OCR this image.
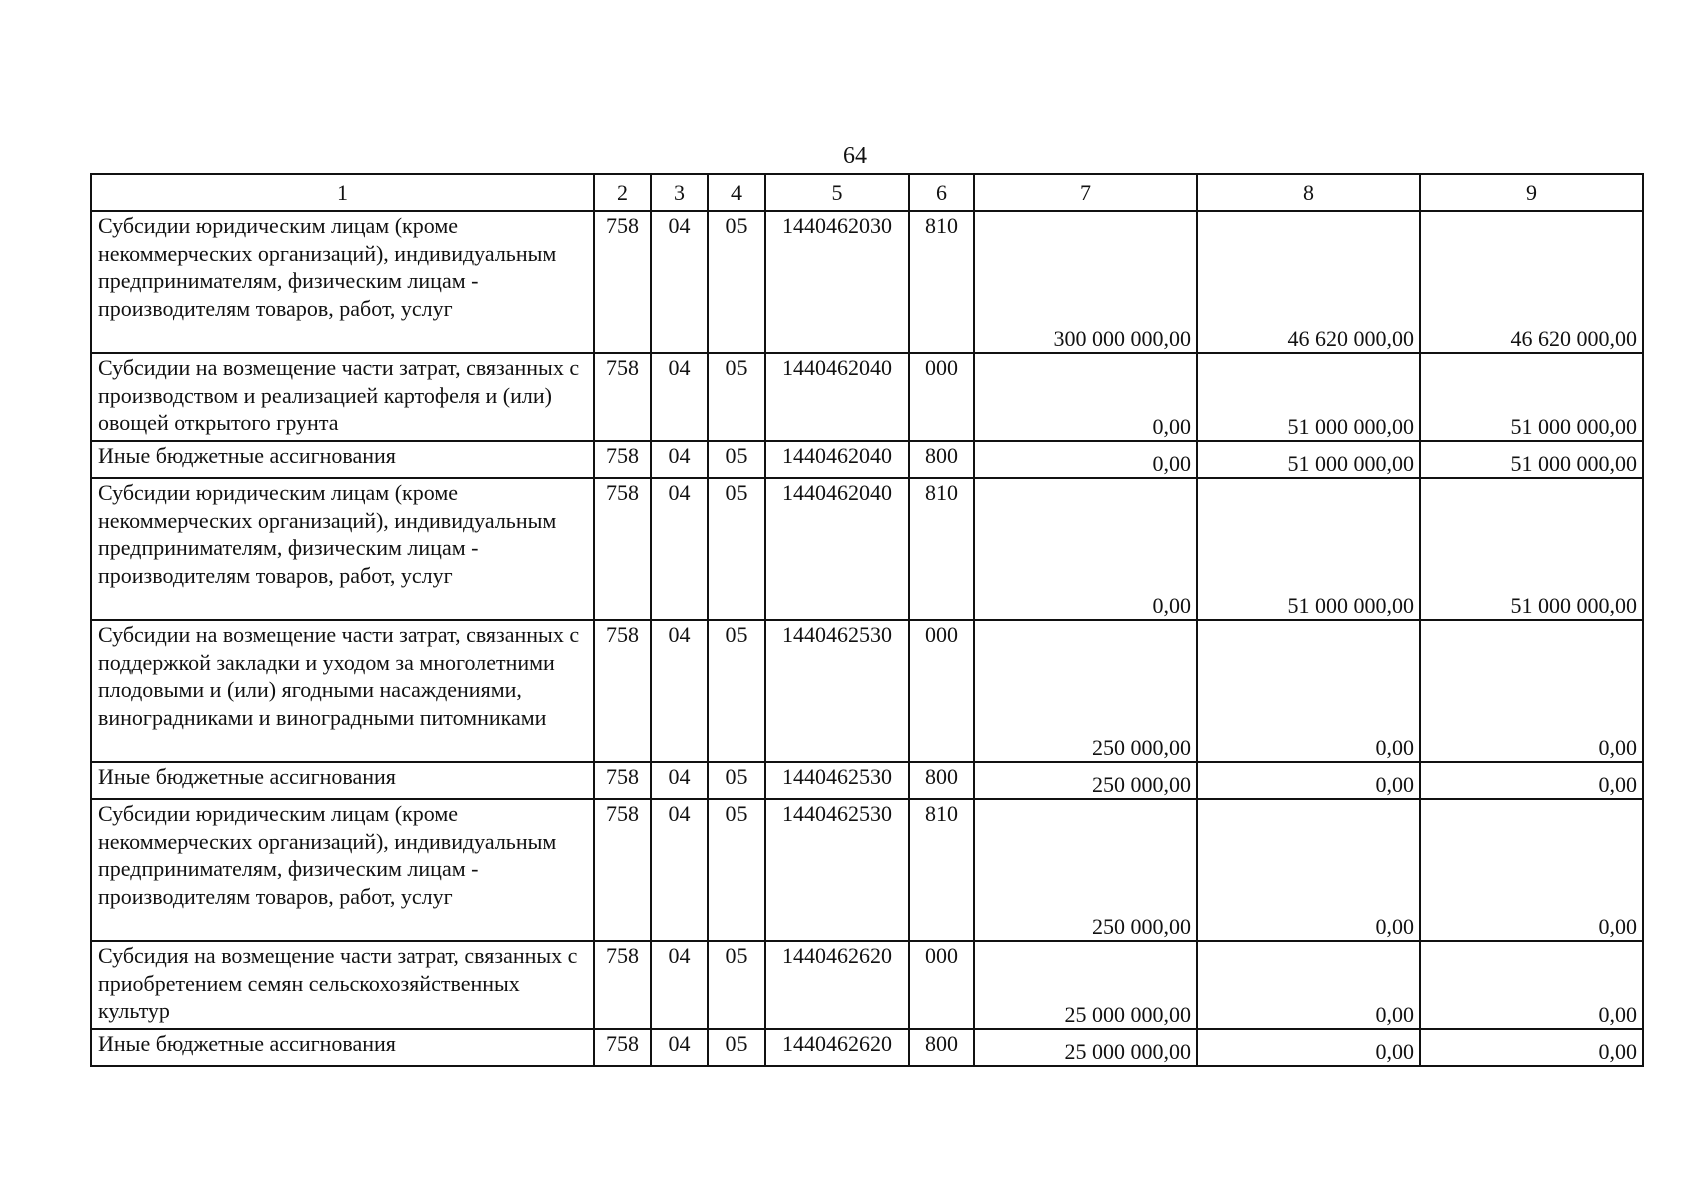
64
1	2	3	4	5	6	7	8	9
Субсидии юридическим лицам (кроме некоммерческих организаций), индивидуальным предпринимателям, физическим лицам - производителям товаров, работ, услуг	758	04	05	1440462030	810	300 000 000,00	46 620 000,00	46 620 000,00
Субсидии на возмещение части затрат, связанных с производством и реализацией картофеля и (или) овощей открытого грунта	758	04	05	1440462040	000	0,00	51 000 000,00	51 000 000,00
Иные бюджетные ассигнования	758	04	05	1440462040	800	0,00	51 000 000,00	51 000 000,00
Субсидии юридическим лицам (кроме некоммерческих организаций), индивидуальным предпринимателям, физическим лицам - производителям товаров, работ, услуг	758	04	05	1440462040	810	0,00	51 000 000,00	51 000 000,00
Субсидии на возмещение части затрат, связанных с поддержкой закладки и уходом за многолетними плодовыми и (или) ягодными насаждениями, виноградниками и виноградными питомниками	758	04	05	1440462530	000	250 000,00	0,00	0,00
Иные бюджетные ассигнования	758	04	05	1440462530	800	250 000,00	0,00	0,00
Субсидии юридическим лицам (кроме некоммерческих организаций), индивидуальным предпринимателям, физическим лицам - производителям товаров, работ, услуг	758	04	05	1440462530	810	250 000,00	0,00	0,00
Субсидия на возмещение части затрат, связанных с приобретением семян сельскохозяйственных культур	758	04	05	1440462620	000	25 000 000,00	0,00	0,00
Иные бюджетные ассигнования	758	04	05	1440462620	800	25 000 000,00	0,00	0,00
